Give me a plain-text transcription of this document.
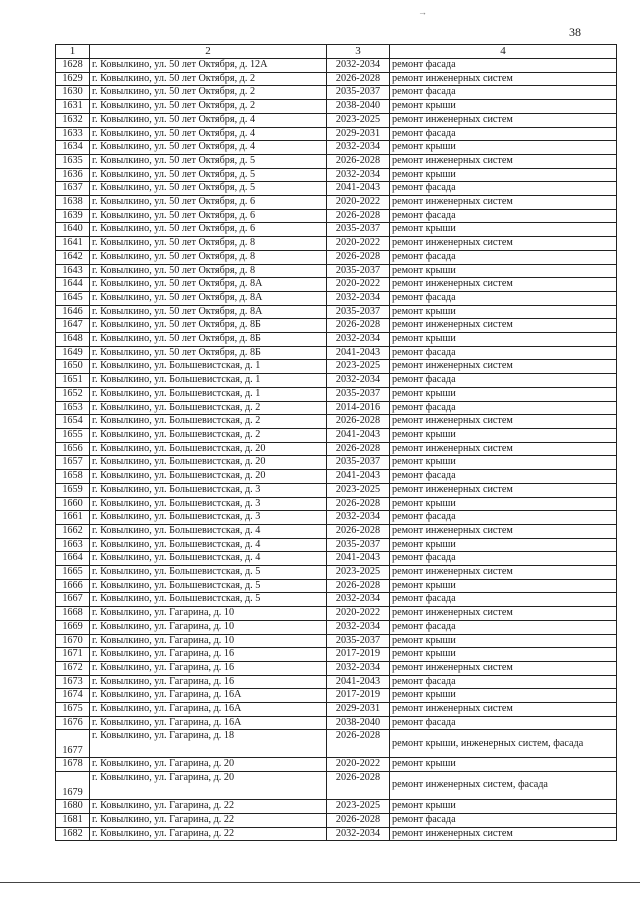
→
38
1	2	3	4
1628	г. Ковылкино, ул. 50 лет Октября, д. 12А	2032-2034	ремонт фасада
1629	г. Ковылкино, ул. 50 лет Октября, д. 2	2026-2028	ремонт инженерных систем
1630	г. Ковылкино, ул. 50 лет Октября, д. 2	2035-2037	ремонт фасада
1631	г. Ковылкино, ул. 50 лет Октября, д. 2	2038-2040	ремонт крыши
1632	г. Ковылкино, ул. 50 лет Октября, д. 4	2023-2025	ремонт инженерных систем
1633	г. Ковылкино, ул. 50 лет Октября, д. 4	2029-2031	ремонт фасада
1634	г. Ковылкино, ул. 50 лет Октября, д. 4	2032-2034	ремонт крыши
1635	г. Ковылкино, ул. 50 лет Октября, д. 5	2026-2028	ремонт инженерных систем
1636	г. Ковылкино, ул. 50 лет Октября, д. 5	2032-2034	ремонт крыши
1637	г. Ковылкино, ул. 50 лет Октября, д. 5	2041-2043	ремонт фасада
1638	г. Ковылкино, ул. 50 лет Октября, д. 6	2020-2022	ремонт инженерных систем
1639	г. Ковылкино, ул. 50 лет Октября, д. 6	2026-2028	ремонт фасада
1640	г. Ковылкино, ул. 50 лет Октября, д. 6	2035-2037	ремонт крыши
1641	г. Ковылкино, ул. 50 лет Октября, д. 8	2020-2022	ремонт инженерных систем
1642	г. Ковылкино, ул. 50 лет Октября, д. 8	2026-2028	ремонт фасада
1643	г. Ковылкино, ул. 50 лет Октября, д. 8	2035-2037	ремонт крыши
1644	г. Ковылкино, ул. 50 лет Октября, д. 8А	2020-2022	ремонт инженерных систем
1645	г. Ковылкино, ул. 50 лет Октября, д. 8А	2032-2034	ремонт фасада
1646	г. Ковылкино, ул. 50 лет Октября, д. 8А	2035-2037	ремонт крыши
1647	г. Ковылкино, ул. 50 лет Октября, д. 8Б	2026-2028	ремонт инженерных систем
1648	г. Ковылкино, ул. 50 лет Октября, д. 8Б	2032-2034	ремонт крыши
1649	г. Ковылкино, ул. 50 лет Октября, д. 8Б	2041-2043	ремонт фасада
1650	г. Ковылкино, ул. Большевистская, д. 1	2023-2025	ремонт инженерных систем
1651	г. Ковылкино, ул. Большевистская, д. 1	2032-2034	ремонт фасада
1652	г. Ковылкино, ул. Большевистская, д. 1	2035-2037	ремонт крыши
1653	г. Ковылкино, ул. Большевистская, д. 2	2014-2016	ремонт фасада
1654	г. Ковылкино, ул. Большевистская, д. 2	2026-2028	ремонт инженерных систем
1655	г. Ковылкино, ул. Большевистская, д. 2	2041-2043	ремонт крыши
1656	г. Ковылкино, ул. Большевистская, д. 20	2026-2028	ремонт инженерных систем
1657	г. Ковылкино, ул. Большевистская, д. 20	2035-2037	ремонт крыши
1658	г. Ковылкино, ул. Большевистская, д. 20	2041-2043	ремонт фасада
1659	г. Ковылкино, ул. Большевистская, д. 3	2023-2025	ремонт инженерных систем
1660	г. Ковылкино, ул. Большевистская, д. 3	2026-2028	ремонт крыши
1661	г. Ковылкино, ул. Большевистская, д. 3	2032-2034	ремонт фасада
1662	г. Ковылкино, ул. Большевистская, д. 4	2026-2028	ремонт инженерных систем
1663	г. Ковылкино, ул. Большевистская, д. 4	2035-2037	ремонт крыши
1664	г. Ковылкино, ул. Большевистская, д. 4	2041-2043	ремонт фасада
1665	г. Ковылкино, ул. Большевистская, д. 5	2023-2025	ремонт инженерных систем
1666	г. Ковылкино, ул. Большевистская, д. 5	2026-2028	ремонт крыши
1667	г. Ковылкино, ул. Большевистская, д. 5	2032-2034	ремонт фасада
1668	г. Ковылкино, ул. Гагарина, д. 10	2020-2022	ремонт инженерных систем
1669	г. Ковылкино, ул. Гагарина, д. 10	2032-2034	ремонт фасада
1670	г. Ковылкино, ул. Гагарина, д. 10	2035-2037	ремонт крыши
1671	г. Ковылкино, ул. Гагарина, д. 16	2017-2019	ремонт крыши
1672	г. Ковылкино, ул. Гагарина, д. 16	2032-2034	ремонт инженерных систем
1673	г. Ковылкино, ул. Гагарина, д. 16	2041-2043	ремонт фасада
1674	г. Ковылкино, ул. Гагарина, д. 16А	2017-2019	ремонт крыши
1675	г. Ковылкино, ул. Гагарина, д. 16А	2029-2031	ремонт инженерных систем
1676	г. Ковылкино, ул. Гагарина, д. 16А	2038-2040	ремонт фасада
1677	г. Ковылкино, ул. Гагарина, д. 18	2026-2028	ремонт крыши, инженерных систем, фасада
1678	г. Ковылкино, ул. Гагарина, д. 20	2020-2022	ремонт крыши
1679	г. Ковылкино, ул. Гагарина, д. 20	2026-2028	ремонт инженерных систем, фасада
1680	г. Ковылкино, ул. Гагарина, д. 22	2023-2025	ремонт крыши
1681	г. Ковылкино, ул. Гагарина, д. 22	2026-2028	ремонт фасада
1682	г. Ковылкино, ул. Гагарина, д. 22	2032-2034	ремонт инженерных систем
